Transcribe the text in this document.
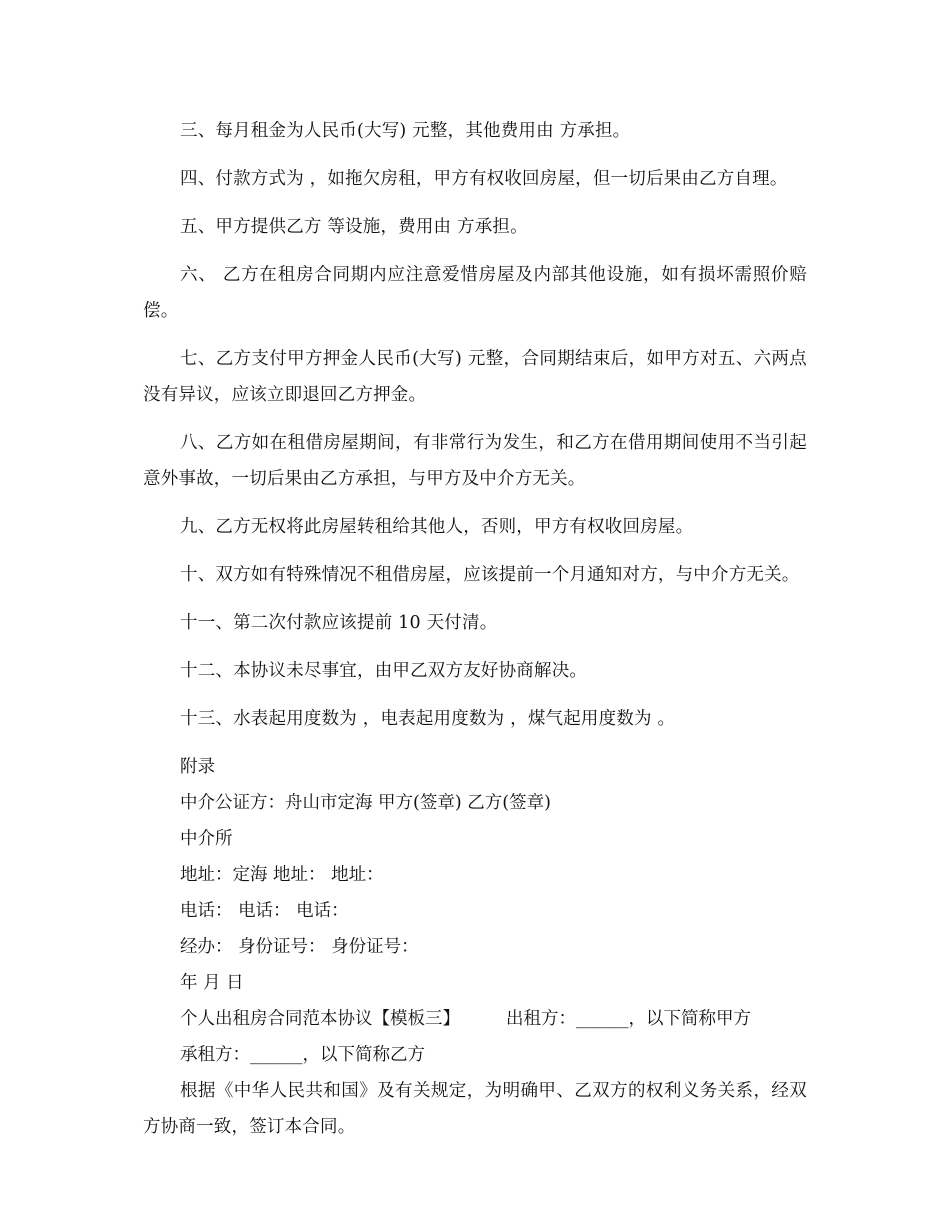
三、每月租金为人民币(大写) 元整，其他费用由 方承担。

四、付款方式为 ，如拖欠房租，甲方有权收回房屋，但一切后果由乙方自理。

五、甲方提供乙方 等设施，费用由 方承担。

六、 乙方在租房合同期内应注意爱惜房屋及内部其他设施，如有损坏需照价赔偿。

七、乙方支付甲方押金人民币(大写) 元整，合同期结束后，如甲方对五、六两点没有异议，应该立即退回乙方押金。

八、乙方如在租借房屋期间，有非常行为发生，和乙方在借用期间使用不当引起意外事故，一切后果由乙方承担，与甲方及中介方无关。

九、乙方无权将此房屋转租给其他人，否则，甲方有权收回房屋。

十、双方如有特殊情况不租借房屋，应该提前一个月通知对方，与中介方无关。

十一、第二次付款应该提前 10 天付清。

十二、本协议未尽事宜，由甲乙双方友好协商解决。

十三、水表起用度数为 ，电表起用度数为 ，煤气起用度数为 。

附录

中介公证方：舟山市定海 甲方(签章) 乙方(签章)

中介所

地址：定海 地址： 地址：

电话： 电话： 电话：

经办： 身份证号： 身份证号：

年 月 日

个人出租房合同范本协议【模板三】	出租方：______，以下简称甲方

承租方：______，以下简称乙方

根据《中华人民共和国》及有关规定，为明确甲、乙双方的权利义务关系，经双方协商一致，签订本合同。
